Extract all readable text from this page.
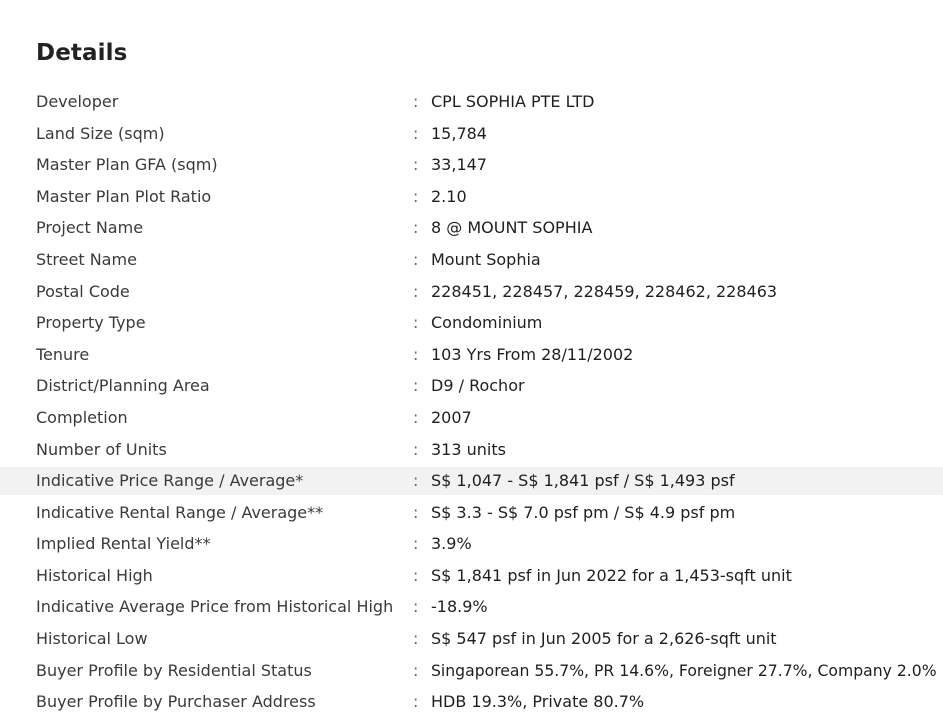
Details
Developer	: CPL SOPHIA PTE LTD
Land Size (sqm)	: 15,784
Master Plan GFA (sqm)	: 33,147
Master Plan Plot Ratio	: 2.10
Project Name	: 8 @ MOUNT SOPHIA
Street Name	: Mount Sophia
Postal Code	: 228451, 228457, 228459, 228462, 228463
Property Type	: Condominium
Tenure	: 103 Yrs From 28/11/2002
District/Planning Area	: D9 / Rochor
Completion	: 2007
Number of Units	: 313 units
Indicative Price Range / Average*	: S$ 1,047 - S$ 1,841 psf / S$ 1,493 psf
Indicative Rental Range / Average**	: S$ 3.3 - S$ 7.0 psf pm / S$ 4.9 psf pm
Implied Rental Yield**	: 3.9%
Historical High	: S$ 1,841 psf in Jun 2022 for a 1,453-sqft unit
Indicative Average Price from Historical High : -18.9%
Historical Low	: S$ 547 psf in Jun 2005 for a 2,626-sqft unit
Buyer Profile by Residential Status	: Singaporean 55.7%, PR 14.6%, Foreigner 27.7%, Company 2.0%
Buyer Profile by Purchaser Address	: HDB 19.3%, Private 80.7%
